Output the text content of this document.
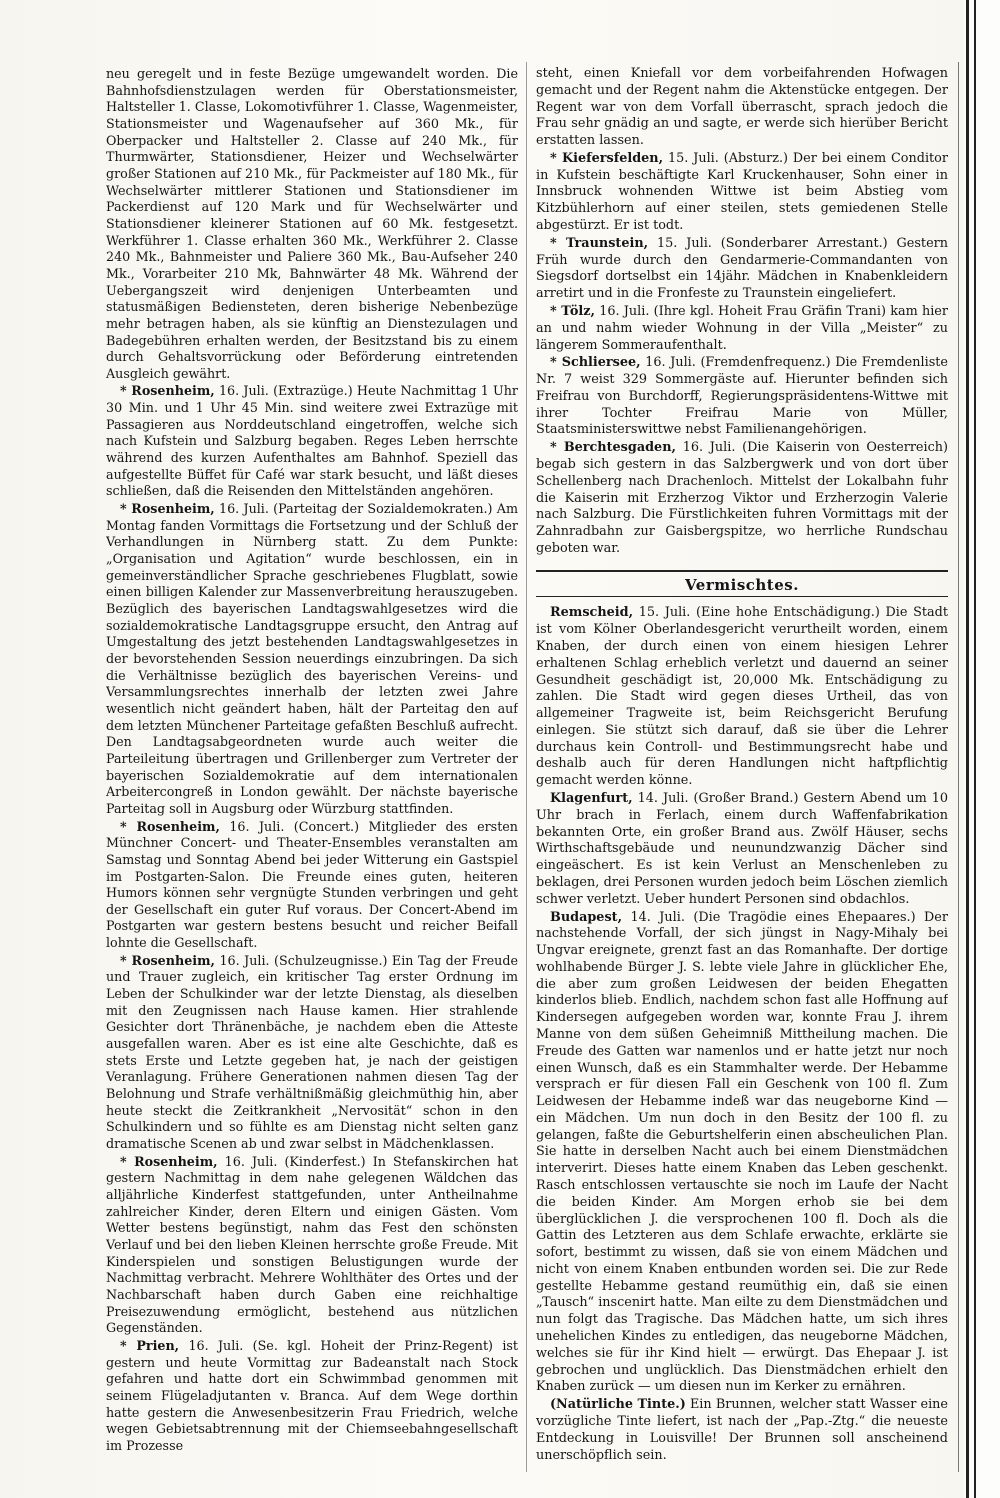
neu geregelt und in feste Bezüge umgewandelt worden. Die Bahnhofsdienstzulagen werden für Oberstationsmeister, Haltsteller 1. Classe, Lokomotivführer 1. Classe, Wagenmeister, Stationsmeister und Wagenaufseher auf 360 Mk., für Oberpacker und Haltsteller 2. Classe auf 240 Mk., für Thurmwärter, Stationsdiener, Heizer und Wechselwärter großer Stationen auf 210 Mk., für Packmeister auf 180 Mk., für Wechselwärter mittlerer Stationen und Stationsdiener im Packerdienst auf 120 Mark und für Wechselwärter und Stationsdiener kleinerer Stationen auf 60 Mk. festgesetzt. Werkführer 1. Classe erhalten 360 Mk., Werkführer 2. Classe 240 Mk., Bahnmeister und Paliere 360 Mk., Bau-Aufseher 240 Mk., Vorarbeiter 210 Mk, Bahnwärter 48 Mk. Während der Uebergangszeit wird denjenigen Unterbeamten und statusmäßigen Bediensteten, deren bisherige Nebenbezüge mehr betragen haben, als sie künftig an Dienstezulagen und Badegebühren erhalten werden, der Besitzstand bis zu einem durch Gehaltsvorrückung oder Beförderung eintretenden Ausgleich gewährt.

* Rosenheim, 16. Juli. (Extrazüge.) Heute Nachmittag 1 Uhr 30 Min. und 1 Uhr 45 Min. sind weitere zwei Extrazüge mit Passagieren aus Norddeutschland eingetroffen, welche sich nach Kufstein und Salzburg begaben. Reges Leben herrschte während des kurzen Aufenthaltes am Bahnhof. Speziell das aufgestellte Büffet für Café war stark besucht, und läßt dieses schließen, daß die Reisenden den Mittelständen angehören.

* Rosenheim, 16. Juli. (Parteitag der Sozialdemokraten.) Am Montag fanden Vormittags die Fortsetzung und der Schluß der Verhandlungen in Nürnberg statt. Zu dem Punkte: „Organisation und Agitation“ wurde beschlossen, ein in gemeinverständlicher Sprache geschriebenes Flugblatt, sowie einen billigen Kalender zur Massenverbreitung herauszugeben. Bezüglich des bayerischen Landtagswahlgesetzes wird die sozialdemokratische Landtagsgruppe ersucht, den Antrag auf Umgestaltung des jetzt bestehenden Landtagswahlgesetzes in der bevorstehenden Session neuerdings einzubringen. Da sich die Verhältnisse bezüglich des bayerischen Vereins- und Versammlungsrechtes innerhalb der letzten zwei Jahre wesentlich nicht geändert haben, hält der Parteitag den auf dem letzten Münchener Parteitage gefaßten Beschluß aufrecht. Den Landtagsabgeordneten wurde auch weiter die Parteileitung übertragen und Grillenberger zum Vertreter der bayerischen Sozialdemokratie auf dem internationalen Arbeitercongreß in London gewählt. Der nächste bayerische Parteitag soll in Augsburg oder Würzburg stattfinden.

* Rosenheim, 16. Juli. (Concert.) Mitglieder des ersten Münchner Concert- und Theater-Ensembles veranstalten am Samstag und Sonntag Abend bei jeder Witterung ein Gastspiel im Postgarten-Salon. Die Freunde eines guten, heiteren Humors können sehr vergnügte Stunden verbringen und geht der Gesellschaft ein guter Ruf voraus. Der Concert-Abend im Postgarten war gestern bestens besucht und reicher Beifall lohnte die Gesellschaft.

* Rosenheim, 16. Juli. (Schulzeugnisse.) Ein Tag der Freude und Trauer zugleich, ein kritischer Tag erster Ordnung im Leben der Schulkinder war der letzte Dienstag, als dieselben mit den Zeugnissen nach Hause kamen. Hier strahlende Gesichter dort Thränenbäche, je nachdem eben die Atteste ausgefallen waren. Aber es ist eine alte Geschichte, daß es stets Erste und Letzte gegeben hat, je nach der geistigen Veranlagung. Frühere Generationen nahmen diesen Tag der Belohnung und Strafe verhältnißmäßig gleichmüthig hin, aber heute steckt die Zeitkrankheit „Nervosität“ schon in den Schulkindern und so fühlte es am Dienstag nicht selten ganz dramatische Scenen ab und zwar selbst in Mädchenklassen.

* Rosenheim, 16. Juli. (Kinderfest.) In Stefanskirchen hat gestern Nachmittag in dem nahe gelegenen Wäldchen das alljährliche Kinderfest stattgefunden, unter Antheilnahme zahlreicher Kinder, deren Eltern und einigen Gästen. Vom Wetter bestens begünstigt, nahm das Fest den schönsten Verlauf und bei den lieben Kleinen herrschte große Freude. Mit Kinderspielen und sonstigen Belustigungen wurde der Nachmittag verbracht. Mehrere Wohlthäter des Ortes und der Nachbarschaft haben durch Gaben eine reichhaltige Preisezuwendung ermöglicht, bestehend aus nützlichen Gegenständen.

* Prien, 16. Juli. (Se. kgl. Hoheit der Prinz-Regent) ist gestern und heute Vormittag zur Badeanstalt nach Stock gefahren und hatte dort ein Schwimmbad genommen mit seinem Flügeladjutanten v. Branca. Auf dem Wege dorthin hatte gestern die Anwesenbesitzerin Frau Friedrich, welche wegen Gebietsabtrennung mit der Chiemseebahngesellschaft im Prozesse

steht, einen Kniefall vor dem vorbeifahrenden Hofwagen gemacht und der Regent nahm die Aktenstücke entgegen. Der Regent war von dem Vorfall überrascht, sprach jedoch die Frau sehr gnädig an und sagte, er werde sich hierüber Bericht erstatten lassen.

* Kiefersfelden, 15. Juli. (Absturz.) Der bei einem Conditor in Kufstein beschäftigte Karl Kruckenhauser, Sohn einer in Innsbruck wohnenden Wittwe ist beim Abstieg vom Kitzbühlerhorn auf einer steilen, stets gemiedenen Stelle abgestürzt. Er ist todt.

* Traunstein, 15. Juli. (Sonderbarer Arrestant.) Gestern Früh wurde durch den Gendarmerie-Commandanten von Siegsdorf dortselbst ein 14jähr. Mädchen in Knabenkleidern arretirt und in die Fronfeste zu Traunstein eingeliefert.

* Tölz, 16. Juli. (Ihre kgl. Hoheit Frau Gräfin Trani) kam hier an und nahm wieder Wohnung in der Villa „Meister“ zu längerem Sommeraufenthalt.

* Schliersee, 16. Juli. (Fremdenfrequenz.) Die Fremdenliste Nr. 7 weist 329 Sommergäste auf. Hierunter befinden sich Freifrau von Burchdorff, Regierungspräsidentens-Wittwe mit ihrer Tochter Freifrau Marie von Müller, Staatsministerswittwe nebst Familienangehörigen.

* Berchtesgaden, 16. Juli. (Die Kaiserin von Oesterreich) begab sich gestern in das Salzbergwerk und von dort über Schellenberg nach Drachenloch. Mittelst der Lokalbahn fuhr die Kaiserin mit Erzherzog Viktor und Erzherzogin Valerie nach Salzburg. Die Fürstlichkeiten fuhren Vormittags mit der Zahnradbahn zur Gaisbergspitze, wo herrliche Rundschau geboten war.

Vermischtes.

Remscheid, 15. Juli. (Eine hohe Entschädigung.) Die Stadt ist vom Kölner Oberlandesgericht verurtheilt worden, einem Knaben, der durch einen von einem hiesigen Lehrer erhaltenen Schlag erheblich verletzt und dauernd an seiner Gesundheit geschädigt ist, 20,000 Mk. Entschädigung zu zahlen. Die Stadt wird gegen dieses Urtheil, das von allgemeiner Tragweite ist, beim Reichsgericht Berufung einlegen. Sie stützt sich darauf, daß sie über die Lehrer durchaus kein Controll- und Bestimmungsrecht habe und deshalb auch für deren Handlungen nicht haftpflichtig gemacht werden könne.

Klagenfurt, 14. Juli. (Großer Brand.) Gestern Abend um 10 Uhr brach in Ferlach, einem durch Waffenfabrikation bekannten Orte, ein großer Brand aus. Zwölf Häuser, sechs Wirthschaftsgebäude und neunundzwanzig Dächer sind eingeäschert. Es ist kein Verlust an Menschenleben zu beklagen, drei Personen wurden jedoch beim Löschen ziemlich schwer verletzt. Ueber hundert Personen sind obdachlos.

Budapest, 14. Juli. (Die Tragödie eines Ehepaares.) Der nachstehende Vorfall, der sich jüngst in Nagy-Mihaly bei Ungvar ereignete, grenzt fast an das Romanhafte. Der dortige wohlhabende Bürger J. S. lebte viele Jahre in glücklicher Ehe, die aber zum großen Leidwesen der beiden Ehegatten kinderlos blieb. Endlich, nachdem schon fast alle Hoffnung auf Kindersegen aufgegeben worden war, konnte Frau J. ihrem Manne von dem süßen Geheimniß Mittheilung machen. Die Freude des Gatten war namenlos und er hatte jetzt nur noch einen Wunsch, daß es ein Stammhalter werde. Der Hebamme versprach er für diesen Fall ein Geschenk von 100 fl. Zum Leidwesen der Hebamme indeß war das neugeborne Kind — ein Mädchen. Um nun doch in den Besitz der 100 fl. zu gelangen, faßte die Geburtshelferin einen abscheulichen Plan. Sie hatte in derselben Nacht auch bei einem Dienstmädchen interverirt. Dieses hatte einem Knaben das Leben geschenkt. Rasch entschlossen vertauschte sie noch im Laufe der Nacht die beiden Kinder. Am Morgen erhob sie bei dem überglücklichen J. die versprochenen 100 fl. Doch als die Gattin des Letzteren aus dem Schlafe erwachte, erklärte sie sofort, bestimmt zu wissen, daß sie von einem Mädchen und nicht von einem Knaben entbunden worden sei. Die zur Rede gestellte Hebamme gestand reumüthig ein, daß sie einen „Tausch“ inscenirt hatte. Man eilte zu dem Dienstmädchen und nun folgt das Tragische. Das Mädchen hatte, um sich ihres unehelichen Kindes zu entledigen, das neugeborne Mädchen, welches sie für ihr Kind hielt — erwürgt. Das Ehepaar J. ist gebrochen und unglücklich. Das Dienstmädchen erhielt den Knaben zurück — um diesen nun im Kerker zu ernähren.

(Natürliche Tinte.) Ein Brunnen, welcher statt Wasser eine vorzügliche Tinte liefert, ist nach der „Pap.-Ztg.“ die neueste Entdeckung in Louisville! Der Brunnen soll anscheinend unerschöpflich sein.
